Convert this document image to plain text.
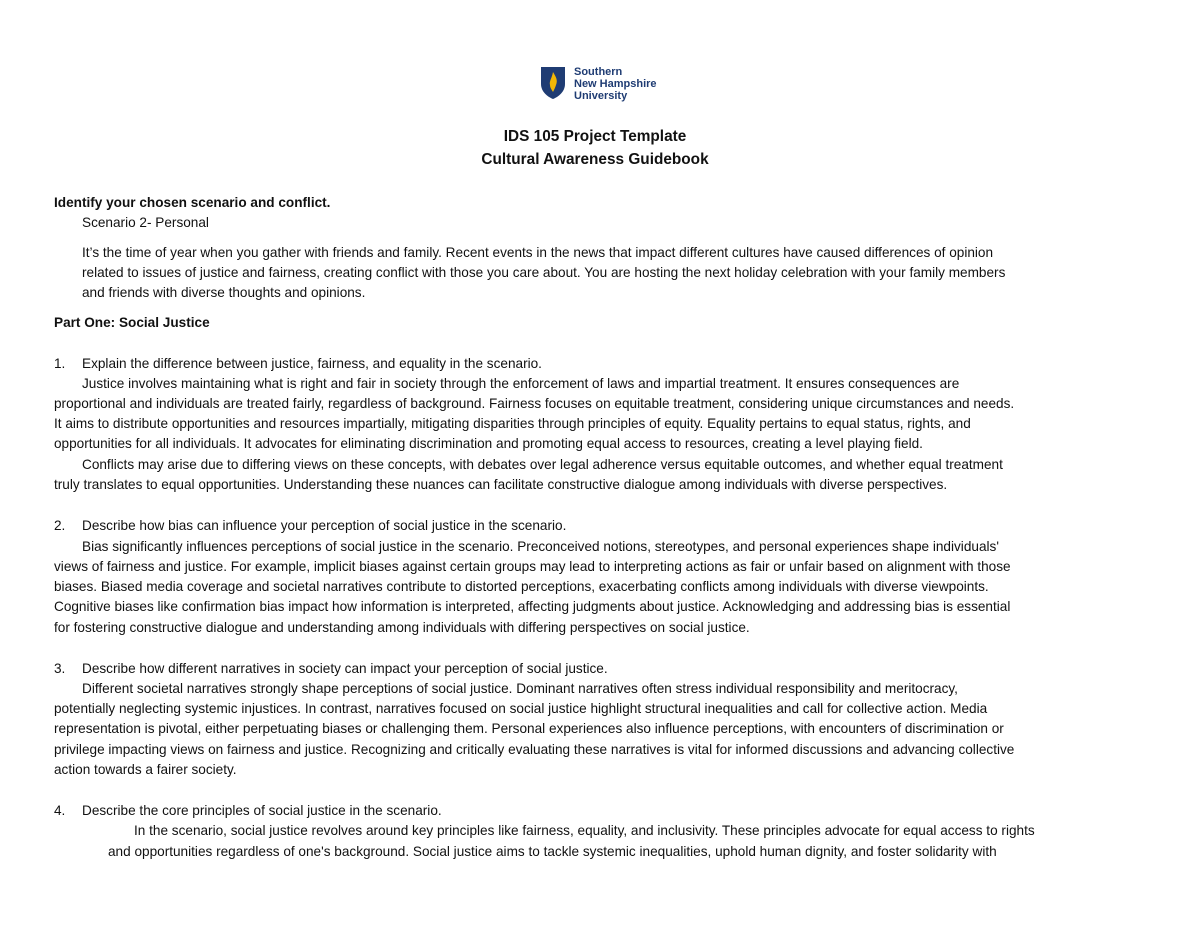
Southern
New Hampshire
University
IDS 105 Project Template
Cultural Awareness Guidebook
Identify your chosen scenario and conflict.
Scenario 2- Personal
It’s the time of year when you gather with friends and family. Recent events in the news that impact different cultures have caused differences of opinion
related to issues of justice and fairness, creating conflict with those you care about. You are hosting the next holiday celebration with your family members
and friends with diverse thoughts and opinions.
Part One: Social Justice
1. Explain the difference between justice, fairness, and equality in the scenario.
Justice involves maintaining what is right and fair in society through the enforcement of laws and impartial treatment. It ensures consequences are
proportional and individuals are treated fairly, regardless of background. Fairness focuses on equitable treatment, considering unique circumstances and needs.
It aims to distribute opportunities and resources impartially, mitigating disparities through principles of equity. Equality pertains to equal status, rights, and
opportunities for all individuals. It advocates for eliminating discrimination and promoting equal access to resources, creating a level playing field.
Conflicts may arise due to differing views on these concepts, with debates over legal adherence versus equitable outcomes, and whether equal treatment
truly translates to equal opportunities. Understanding these nuances can facilitate constructive dialogue among individuals with diverse perspectives.
2. Describe how bias can influence your perception of social justice in the scenario.
Bias significantly influences perceptions of social justice in the scenario. Preconceived notions, stereotypes, and personal experiences shape individuals'
views of fairness and justice. For example, implicit biases against certain groups may lead to interpreting actions as fair or unfair based on alignment with those
biases. Biased media coverage and societal narratives contribute to distorted perceptions, exacerbating conflicts among individuals with diverse viewpoints.
Cognitive biases like confirmation bias impact how information is interpreted, affecting judgments about justice. Acknowledging and addressing bias is essential
for fostering constructive dialogue and understanding among individuals with differing perspectives on social justice.
3. Describe how different narratives in society can impact your perception of social justice.
Different societal narratives strongly shape perceptions of social justice. Dominant narratives often stress individual responsibility and meritocracy,
potentially neglecting systemic injustices. In contrast, narratives focused on social justice highlight structural inequalities and call for collective action. Media
representation is pivotal, either perpetuating biases or challenging them. Personal experiences also influence perceptions, with encounters of discrimination or
privilege impacting views on fairness and justice. Recognizing and critically evaluating these narratives is vital for informed discussions and advancing collective
action towards a fairer society.
4. Describe the core principles of social justice in the scenario.
In the scenario, social justice revolves around key principles like fairness, equality, and inclusivity. These principles advocate for equal access to rights
and opportunities regardless of one's background. Social justice aims to tackle systemic inequalities, uphold human dignity, and foster solidarity with
